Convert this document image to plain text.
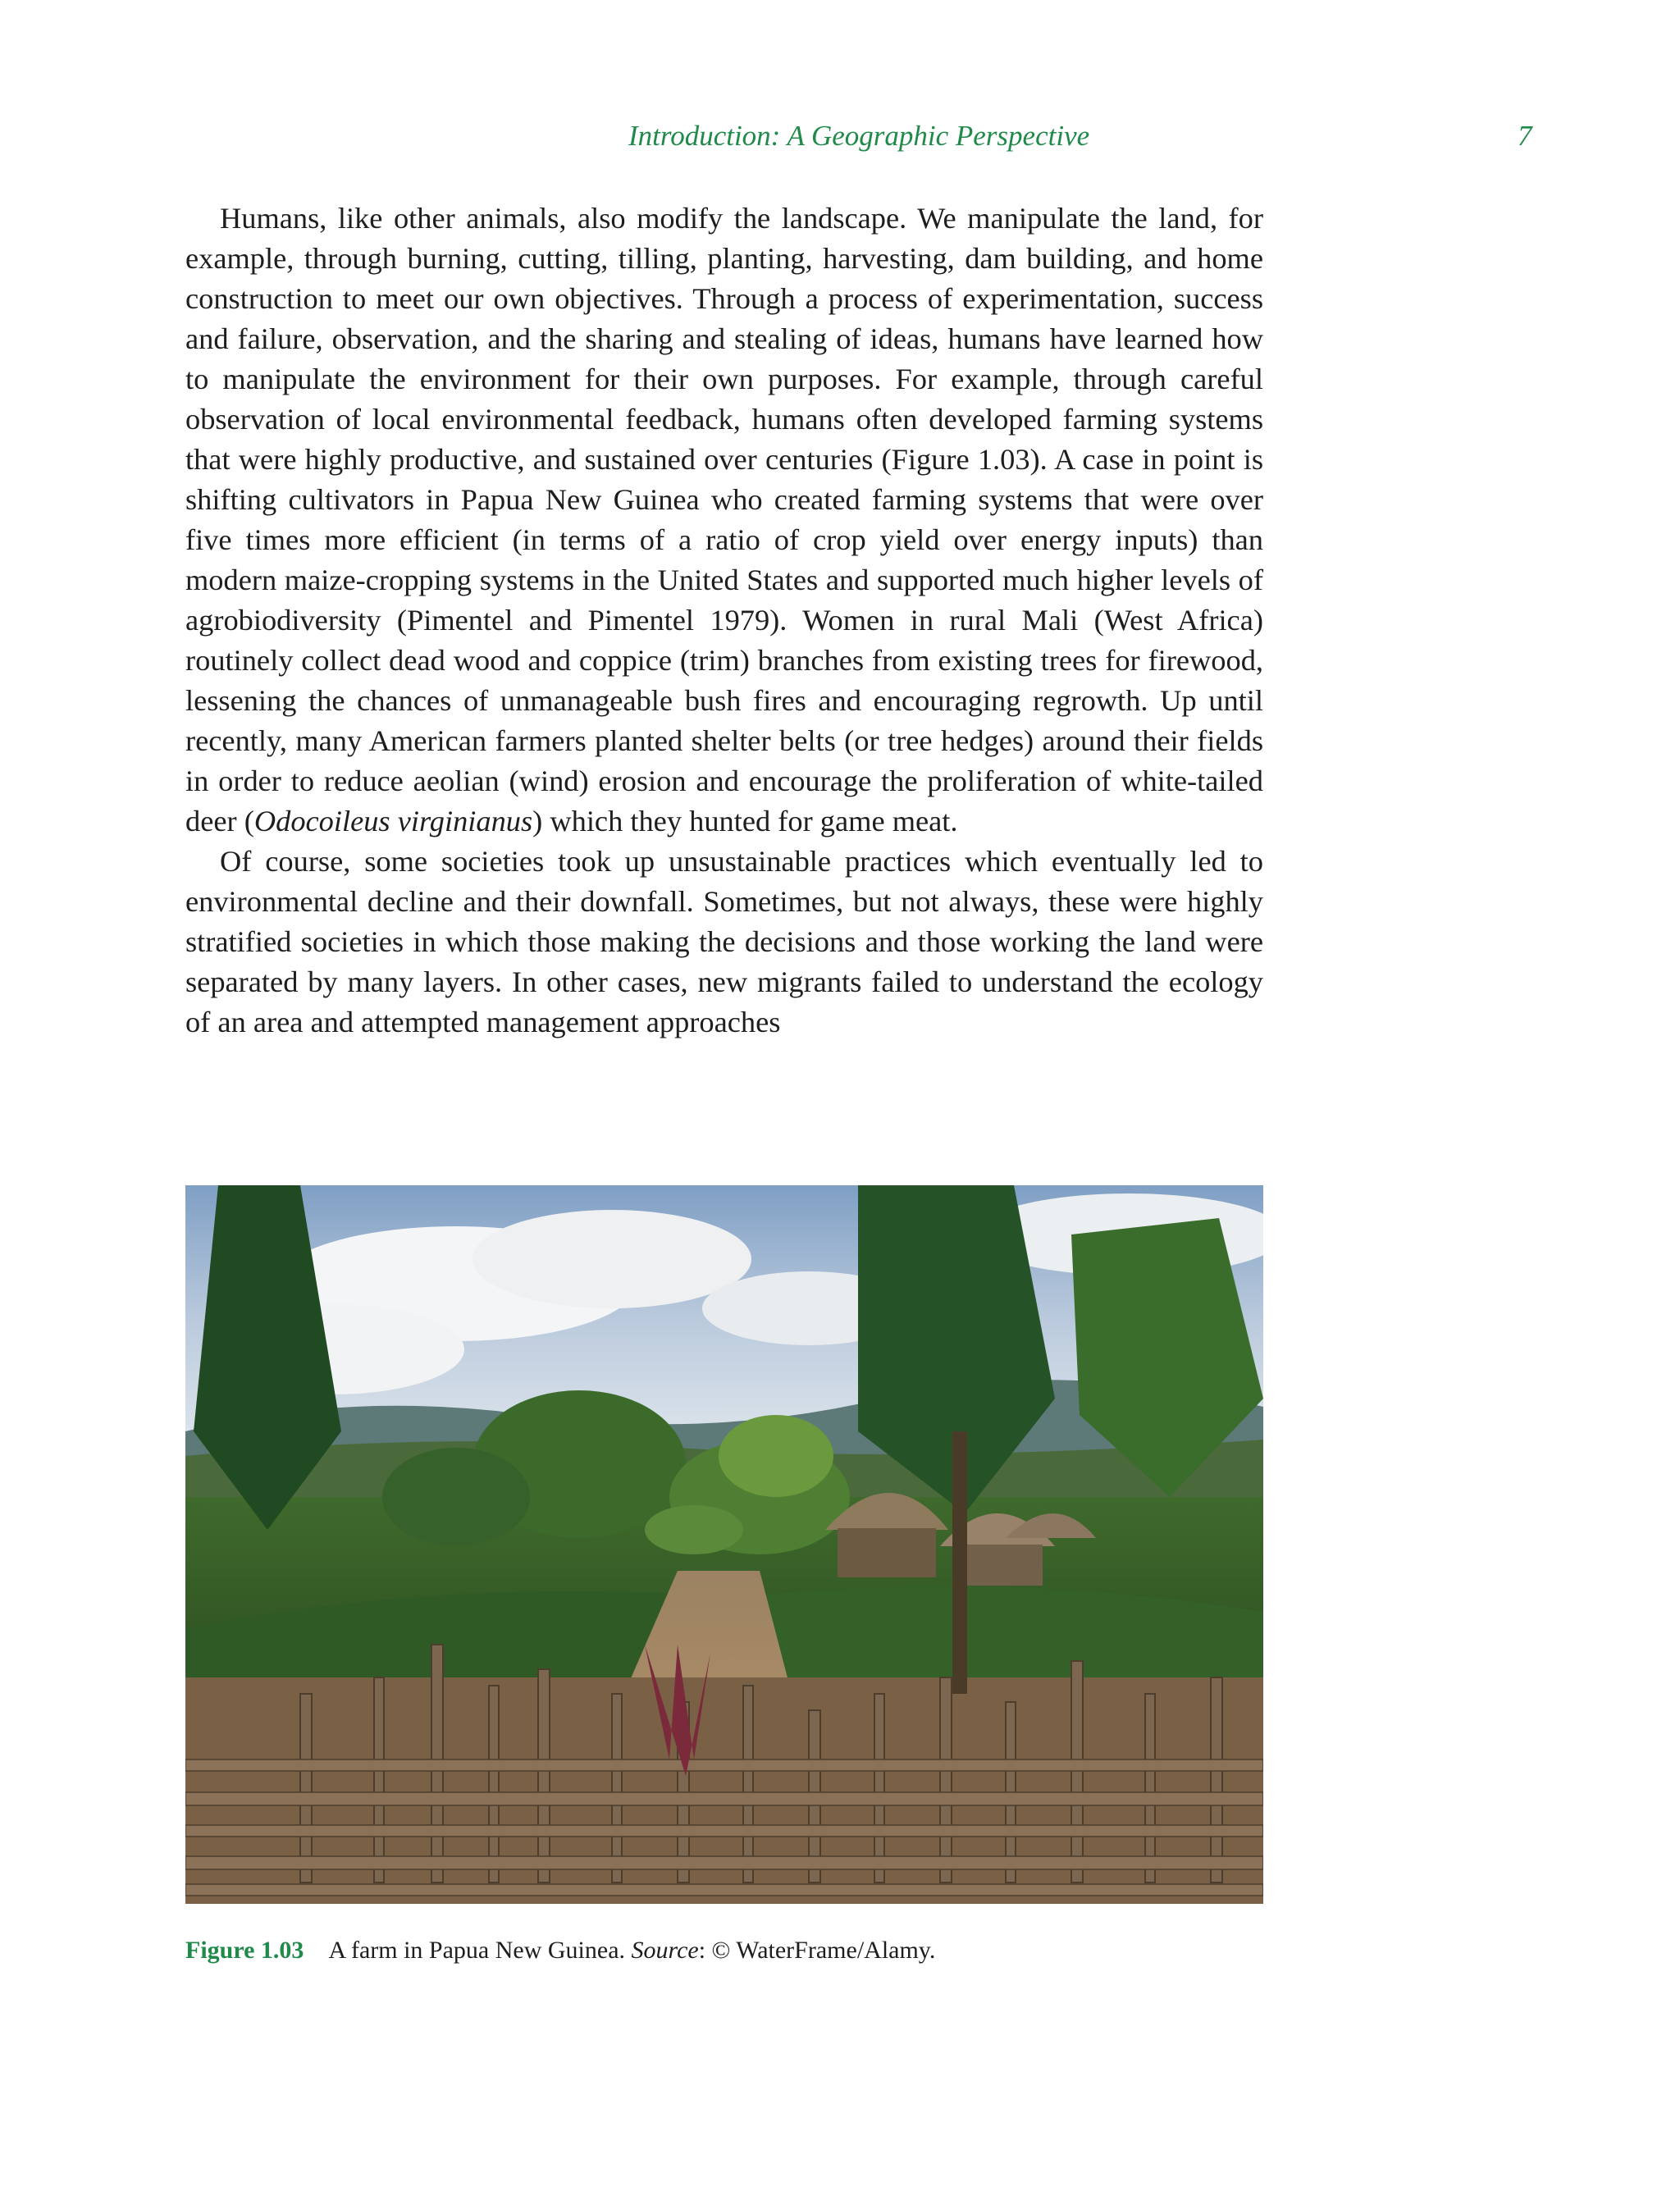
Introduction: A Geographic Perspective	7

Humans, like other animals, also modify the landscape. We manipulate the land, for example, through burning, cutting, tilling, planting, harvesting, dam building, and home construction to meet our own objectives. Through a process of experimentation, success and failure, observation, and the sharing and stealing of ideas, humans have learned how to manipulate the environment for their own purposes. For example, through careful observation of local environmental feedback, humans often developed farming systems that were highly productive, and sustained over centuries (Figure 1.03). A case in point is shifting cultivators in Papua New Guinea who created farming systems that were over five times more efficient (in terms of a ratio of crop yield over energy inputs) than modern maize-cropping systems in the United States and supported much higher levels of agrobiodiversity (Pimentel and Pimentel 1979). Women in rural Mali (West Africa) routinely collect dead wood and coppice (trim) branches from existing trees for firewood, lessening the chances of unmanageable bush fires and encouraging regrowth. Up until recently, many American farmers planted shelter belts (or tree hedges) around their fields in order to reduce aeolian (wind) erosion and encourage the proliferation of white-tailed deer (Odocoileus virginianus) which they hunted for game meat.

Of course, some societies took up unsustainable practices which eventually led to environmental decline and their downfall. Sometimes, but not always, these were highly stratified societies in which those making the decisions and those working the land were separated by many layers. In other cases, new migrants failed to understand the ecology of an area and attempted management approaches

Figure 1.03 A farm in Papua New Guinea. Source: © WaterFrame/Alamy.
